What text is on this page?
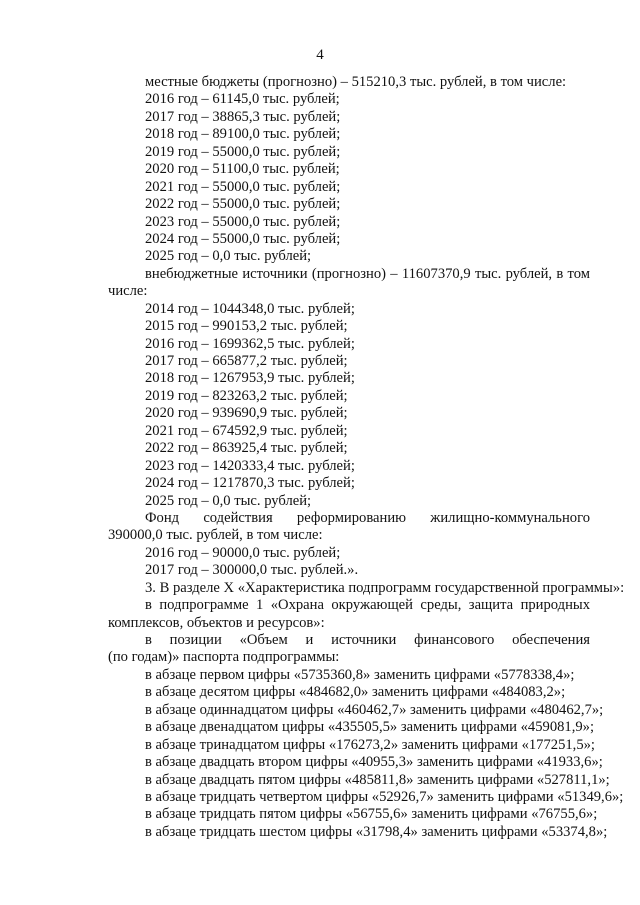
4
местные бюджеты (прогнозно) – 515210,3 тыс. рублей, в том числе:
2016 год – 61145,0 тыс. рублей;
2017 год – 38865,3 тыс. рублей;
2018 год – 89100,0 тыс. рублей;
2019 год – 55000,0 тыс. рублей;
2020 год – 51100,0 тыс. рублей;
2021 год – 55000,0 тыс. рублей;
2022 год – 55000,0 тыс. рублей;
2023 год – 55000,0 тыс. рублей;
2024 год – 55000,0 тыс. рублей;
2025 год – 0,0 тыс. рублей;
внебюджетные источники (прогнозно) – 11607370,9 тыс. рублей, в том
числе:
2014 год – 1044348,0 тыс. рублей;
2015 год – 990153,2 тыс. рублей;
2016 год – 1699362,5 тыс. рублей;
2017 год – 665877,2 тыс. рублей;
2018 год – 1267953,9 тыс. рублей;
2019 год – 823263,2 тыс. рублей;
2020 год – 939690,9 тыс. рублей;
2021 год – 674592,9 тыс. рублей;
2022 год – 863925,4 тыс. рублей;
2023 год – 1420333,4 тыс. рублей;
2024 год – 1217870,3 тыс. рублей;
2025 год – 0,0 тыс. рублей;
Фонд содействия реформированию жилищно-коммунального
390000,0 тыс. рублей, в том числе:
2016 год – 90000,0 тыс. рублей;
2017 год – 300000,0 тыс. рублей.».
3. В разделе X «Характеристика подпрограмм государственной программы»:
в подпрограмме 1 «Охрана окружающей среды, защита природных
комплексов, объектов и ресурсов»:
в позиции «Объем и источники финансового обеспечения
(по годам)» паспорта подпрограммы:
в абзаце первом цифры «5735360,8» заменить цифрами «5778338,4»;
в абзаце десятом цифры «484682,0» заменить цифрами «484083,2»;
в абзаце одиннадцатом цифры «460462,7» заменить цифрами «480462,7»;
в абзаце двенадцатом цифры «435505,5» заменить цифрами «459081,9»;
в абзаце тринадцатом цифры «176273,2» заменить цифрами «177251,5»;
в абзаце двадцать втором цифры «40955,3» заменить цифрами «41933,6»;
в абзаце двадцать пятом цифры «485811,8» заменить цифрами «527811,1»;
в абзаце тридцать четвертом цифры «52926,7» заменить цифрами «51349,6»;
в абзаце тридцать пятом цифры «56755,6» заменить цифрами «76755,6»;
в абзаце тридцать шестом цифры «31798,4» заменить цифрами «53374,8»;
